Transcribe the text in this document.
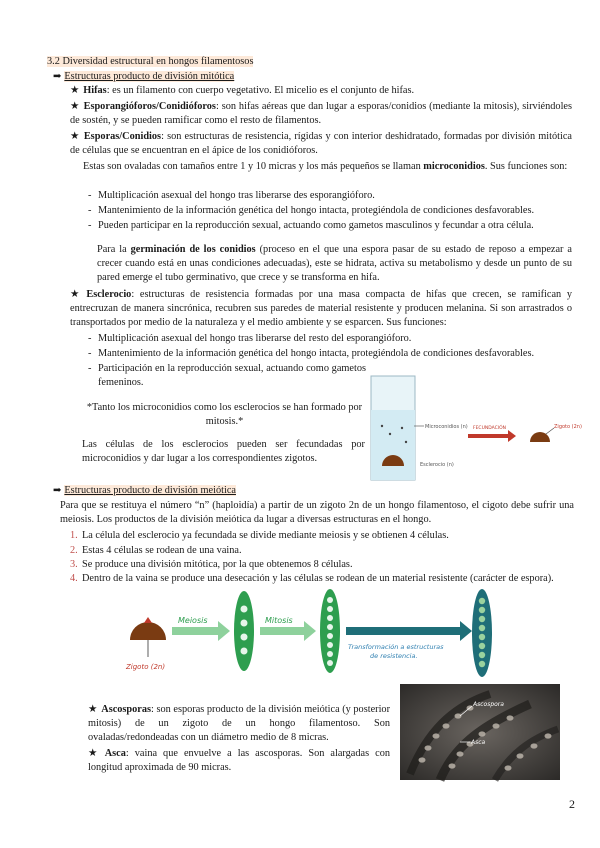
3.2 Diversidad estructural en hongos filamentosos
➡ Estructuras producto de división mitótica
★ Hifas: es un filamento con cuerpo vegetativo. El micelio es el conjunto de hifas.
★ Esporangióforos/Conidióforos: son hifas aéreas que dan lugar a esporas/conidios (mediante la mitosis), sirviéndoles de sostén, y se pueden ramificar como el resto de filamentos.
★ Esporas/Conidios: son estructuras de resistencia, rígidas y con interior deshidratado, formadas por división mitótica de células que se encuentran en el ápice de los conidióforos.
Estas son ovaladas con tamaños entre 1 y 10 micras y los más pequeños se llaman microconidios. Sus funciones son:
- Multiplicación asexual del hongo tras liberarse des esporangióforo.
- Mantenimiento de la información genética del hongo intacta, protegiéndola de condiciones desfavorables.
- Pueden participar en la reproducción sexual, actuando como gametos masculinos y fecundar a otra célula.
Para la germinación de los conidios (proceso en el que una espora pasar de su estado de reposo a empezar a crecer cuando está en unas condiciones adecuadas), este se hidrata, activa su metabolismo y desde un punto de su pared emerge el tubo germinativo, que crece y se transforma en hifa.
★ Esclerocio: estructuras de resistencia formadas por una masa compacta de hifas que crecen, se ramifican y entrecruzan de manera sincrónica, recubren sus paredes de material resistente y producen melanina. Si son arrastrados o transportados por medio de la naturaleza y el medio ambiente y se esparcen. Sus funciones:
- Multiplicación asexual del hongo tras liberarse del resto del esporangióforo.
- Mantenimiento de la información genética del hongo intacta, protegiéndola de condiciones desfavorables.
- Participación en la reproducción sexual, actuando como gametos femeninos.
*Tanto los microconidios como los esclerocios se han formado por mitosis.*
Las células de los esclerocios pueden ser fecundadas por microconidios y dar lugar a los correspondientes zigotos.
Microconidios (n)
Esclerocio (n)
FECUNDACIÓN	Zigoto (2n)
➡ Estructuras producto de división meiótica
Para que se restituya el número “n” (haploidía) a partir de un zigoto 2n de un hongo filamentoso, el cigoto debe sufrir una meiosis. Los productos de la división meiótica da lugar a diversas estructuras en el hongo.
1. La célula del esclerocio ya fecundada se divide mediante meiosis y se obtienen 4 células.
2. Estas 4 células se rodean de una vaina.
3. Se produce una división mitótica, por la que obtenemos 8 células.
4. Dentro de la vaina se produce una desecación y las células se rodean de un material resistente (carácter de espora).
Zigoto (2n)
Meiosis	Mitosis
Transformación a estructuras
de resistencia.
★ Ascosporas: son esporas producto de la división meiótica (y posterior mitosis) de un zigoto de un hongo filamentoso. Son ovaladas/redondeadas con un diámetro medio de 8 micras.
★ Asca: vaina que envuelve a las ascosporas. Son alargadas con longitud aproximada de 90 micras.
Ascospora
Asca
2
